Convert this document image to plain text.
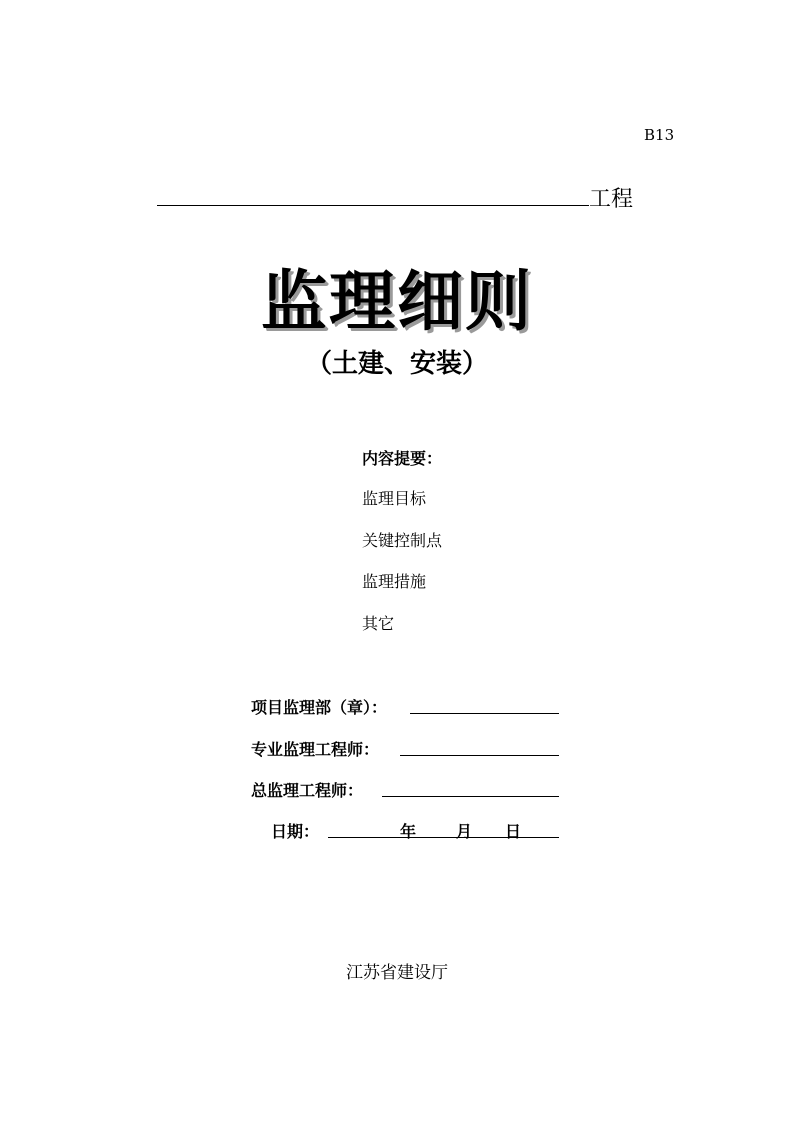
B13
工程
监理细则
（土建、安装）
内容提要：
监理目标
关键控制点
监理措施
其它
项目监理部（章）：
专业监理工程师：
总监理工程师：
日期：	年 月 日
江苏省建设厅
